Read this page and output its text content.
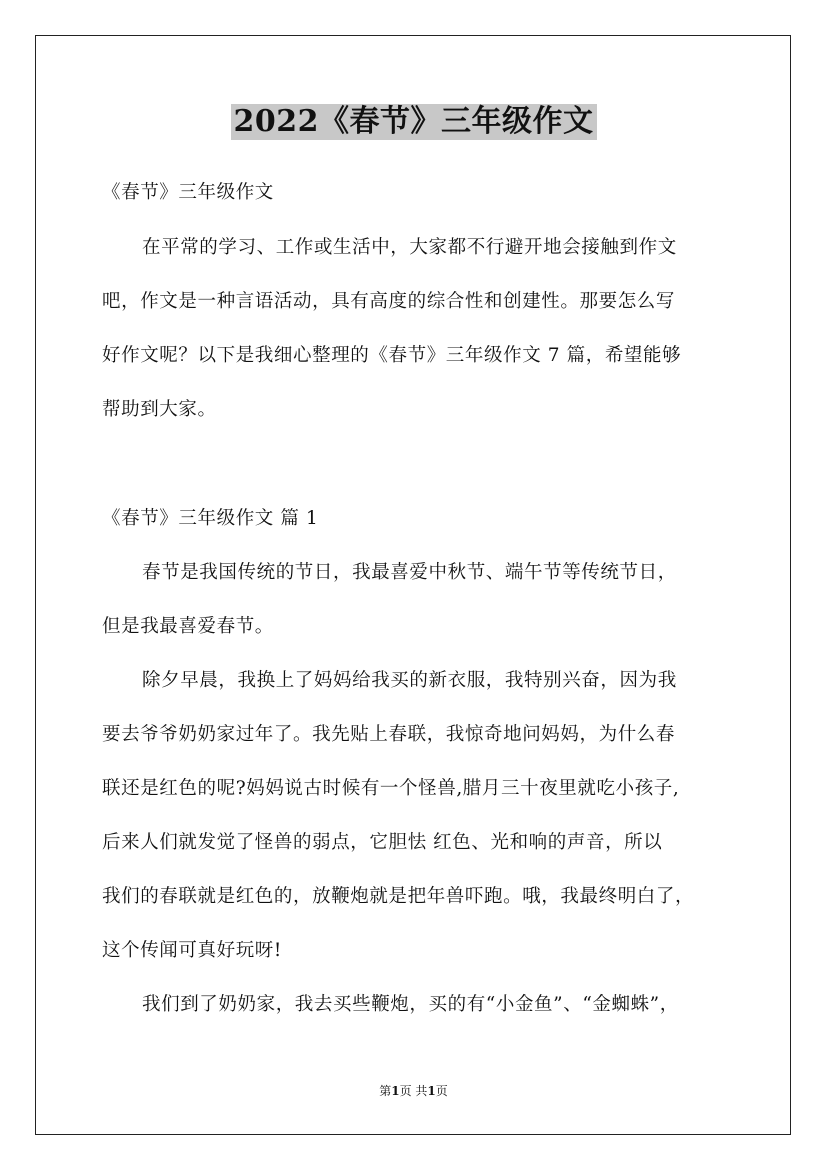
2022《春节》三年级作文
《春节》三年级作文
在平常的学习、工作或生活中，大家都不行避开地会接触到作文
吧，作文是一种言语活动，具有高度的综合性和创建性。那要怎么写
好作文呢？以下是我细心整理的《春节》三年级作文 7 篇，希望能够
帮助到大家。
《春节》三年级作文 篇 1
春节是我国传统的节日，我最喜爱中秋节、端午节等传统节日，
但是我最喜爱春节。
除夕早晨，我换上了妈妈给我买的新衣服，我特别兴奋，因为我
要去爷爷奶奶家过年了。我先贴上春联，我惊奇地问妈妈，为什么春
联还是红色的呢?妈妈说古时候有一个怪兽,腊月三十夜里就吃小孩子,
后来人们就发觉了怪兽的弱点，它胆怯 红色、光和响的声音，所以
我们的春联就是红色的，放鞭炮就是把年兽吓跑。哦，我最终明白了，
这个传闻可真好玩呀!
我们到了奶奶家，我去买些鞭炮，买的有“小金鱼”、“金蜘蛛”，
第1页 共1页
